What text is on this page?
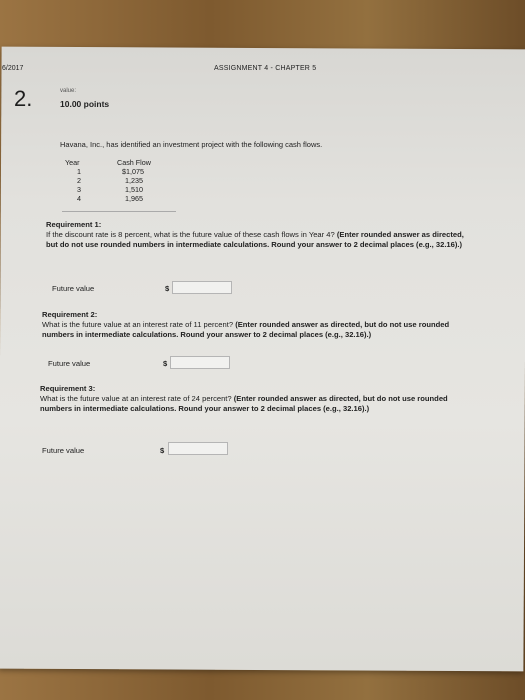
6/2017	ASSIGNMENT 4 - CHAPTER 5
2.	value:
10.00 points
Havana, Inc., has identified an investment project with the following cash flows.
Year	Cash Flow
1	$1,075
2	1,235
3	1,510
4	1,965
Requirement 1:
If the discount rate is 8 percent, what is the future value of these cash flows in Year 4? (Enter rounded answer as directed, but do not use rounded numbers in intermediate calculations. Round your answer to 2 decimal places (e.g., 32.16).)
Future value	$
Requirement 2:
What is the future value at an interest rate of 11 percent? (Enter rounded answer as directed, but do not use rounded numbers in intermediate calculations. Round your answer to 2 decimal places (e.g., 32.16).)
Future value	$
Requirement 3:
What is the future value at an interest rate of 24 percent? (Enter rounded answer as directed, but do not use rounded numbers in intermediate calculations. Round your answer to 2 decimal places (e.g., 32.16).)
Future value	$
